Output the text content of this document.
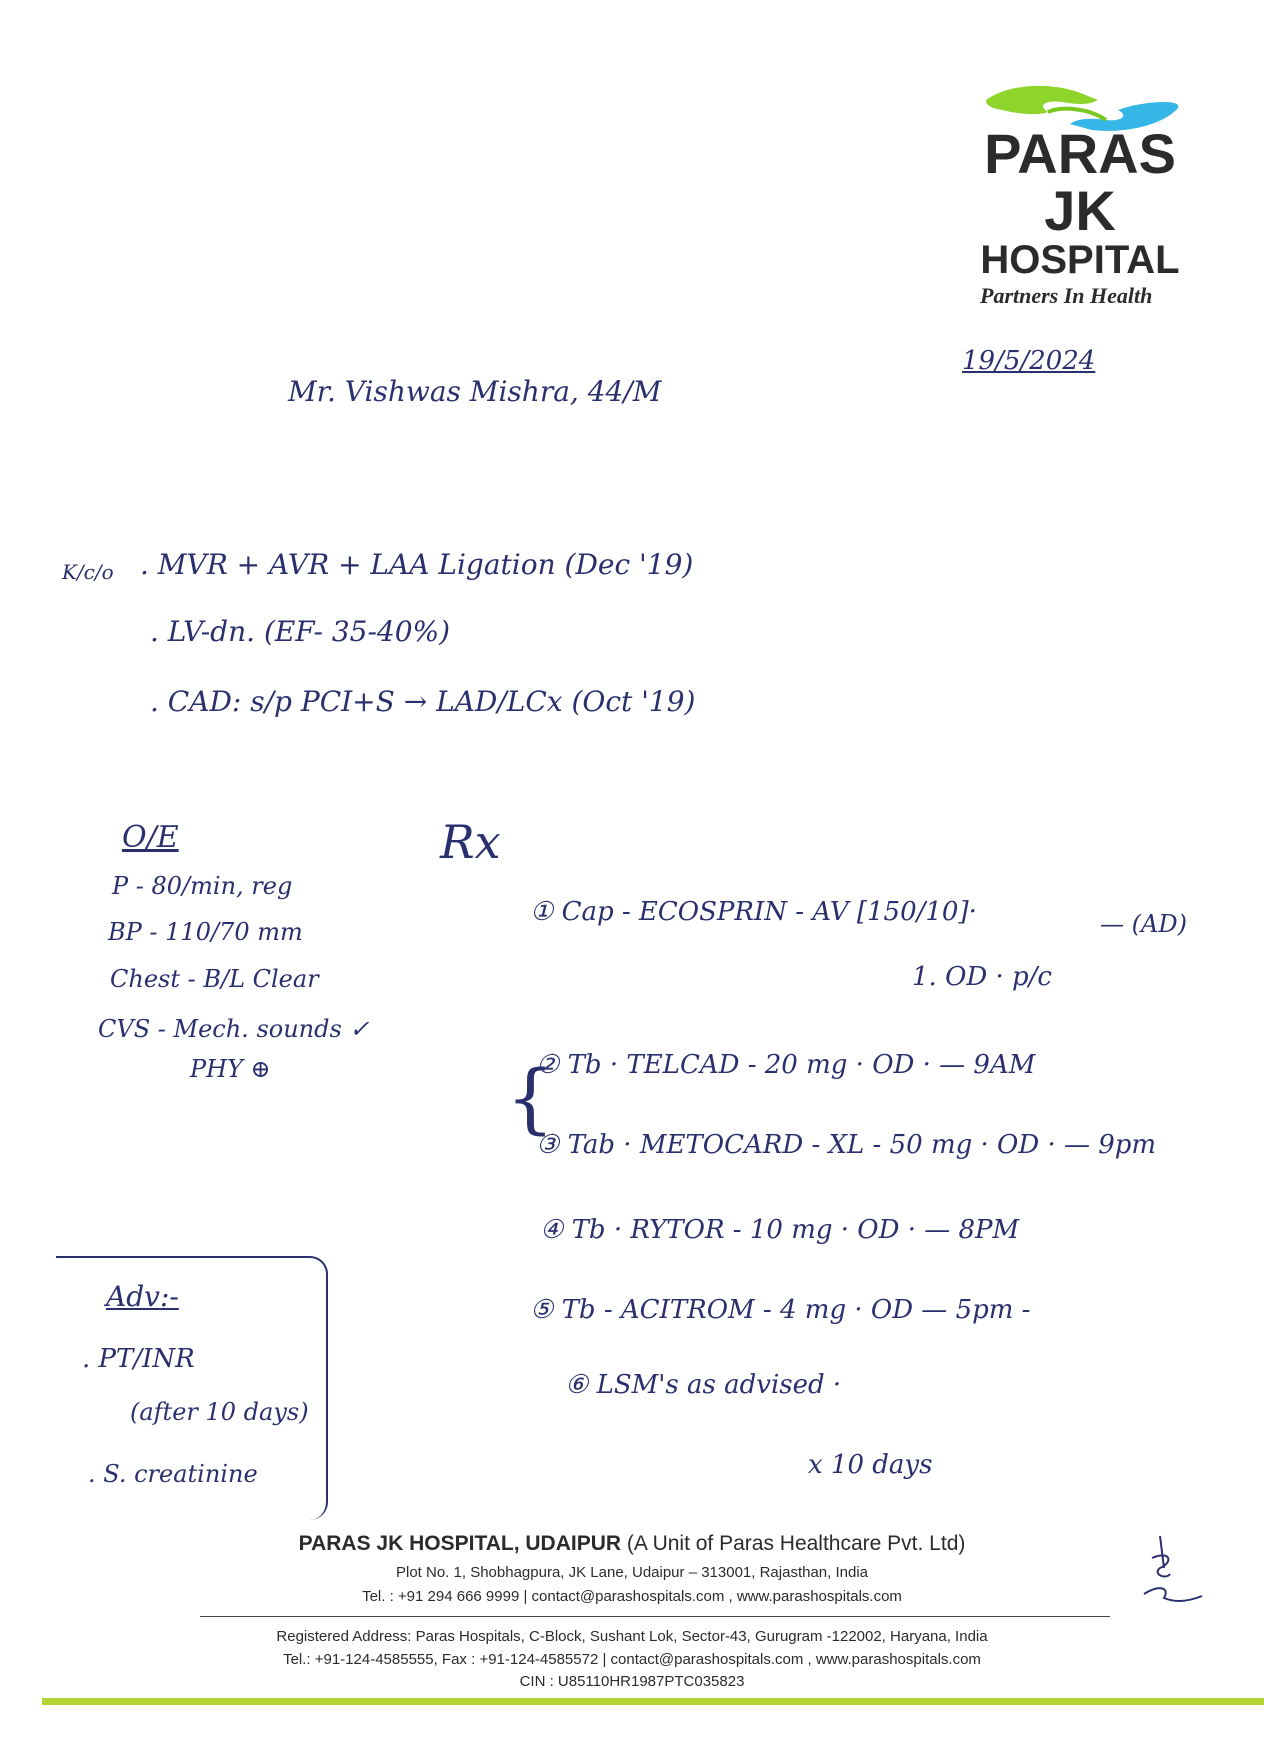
PARAS
JK
HOSPITAL
Partners In Health
19/5/2024
Mr. Vishwas Mishra, 44/M
K/c/o . MVR + AVR + LAA Ligation (Dec '19)
. LV-dn. (EF- 35-40%)
. CAD: s/p PCI+S → LAD/LCx (Oct '19)
O/E
P - 80/min, reg
BP - 110/70 mm
Chest - B/L Clear
CVS - Mech. sounds ✓
PHY ⊕
Rx
① Cap - ECOSPRIN - AV [150/10]·	— (AD)
1. OD · p/c
{
② Tb · TELCAD - 20 mg · OD · — 9AM
③ Tab · METOCARD - XL - 50 mg · OD · — 9pm
④ Tb · RYTOR - 10 mg · OD · — 8PM
⑤ Tb - ACITROM - 4 mg · OD — 5pm -
⑥ LSM's as advised ·
x 10 days
Adv:-
. PT/INR
(after 10 days)
. S. creatinine
PARAS JK HOSPITAL, UDAIPUR (A Unit of Paras Healthcare Pvt. Ltd)
Plot No. 1, Shobhagpura, JK Lane, Udaipur – 313001, Rajasthan, India
Tel. : +91 294 666 9999 | contact@parashospitals.com , www.parashospitals.com
Registered Address: Paras Hospitals, C-Block, Sushant Lok, Sector-43, Gurugram -122002, Haryana, India
Tel.: +91-124-4585555, Fax : +91-124-4585572 | contact@parashospitals.com , www.parashospitals.com
CIN : U85110HR1987PTC035823
